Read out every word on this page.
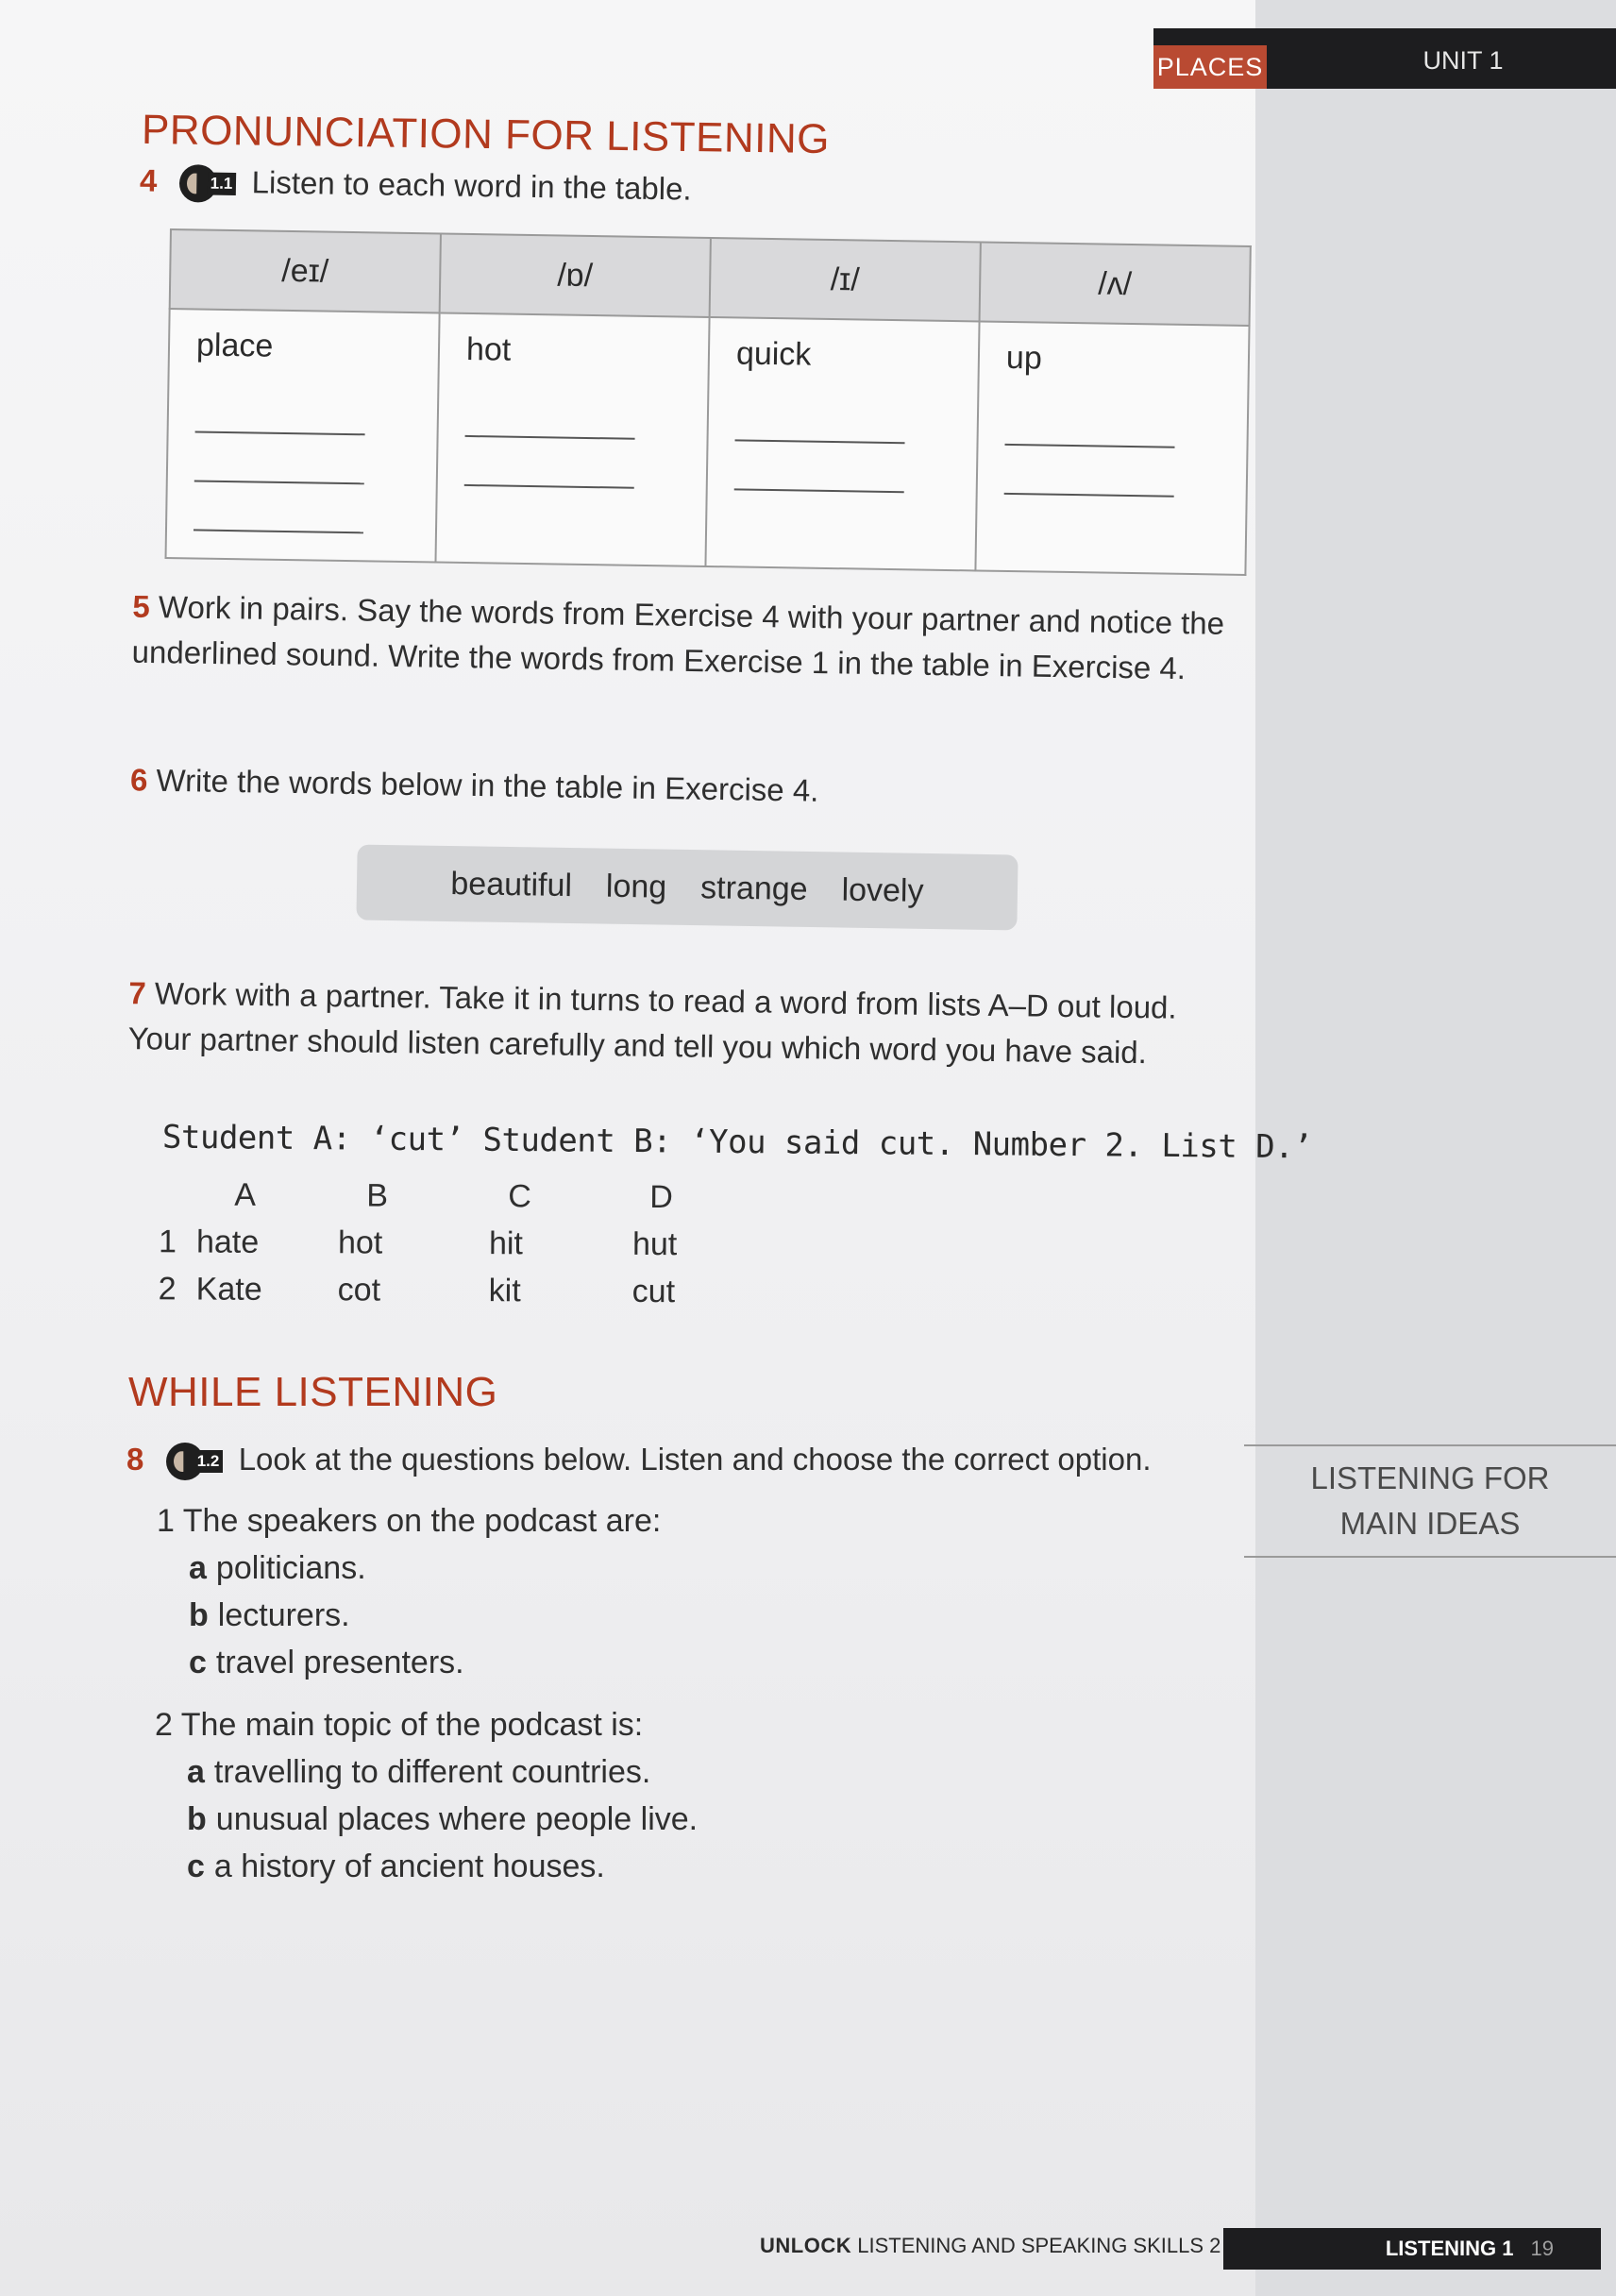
PLACES	UNIT 1
PRONUNCIATION FOR LISTENING
4	1.1 Listen to each word in the table.
/eɪ/	/ɒ/	/ɪ/	/ʌ/

place	hot	quick	up
5 Work in pairs. Say the words from Exercise 4 with your partner and notice the underlined sound. Write the words from Exercise 1 in the table in Exercise 4.
6 Write the words below in the table in Exercise 4.
beautiful long strange lovely
7 Work with a partner. Take it in turns to read a word from lists A–D out loud. Your partner should listen carefully and tell you which word you have said.
Student A: ‘cut’ Student B: ‘You said cut. Number 2. List D.’
A	B	C	D
1 hate	hot	hit	hut
2 Kate	cot	kit	cut
WHILE LISTENING
8	1.2 Look at the questions below. Listen and choose the correct option.
LISTENING FOR
MAIN IDEAS
1 The speakers on the podcast are:
a politicians.
b lecturers.
c travel presenters.
2 The main topic of the podcast is:
a travelling to different countries.
b unusual places where people live.
c a history of ancient houses.
UNLOCK LISTENING AND SPEAKING SKILLS 2	LISTENING 1 19
